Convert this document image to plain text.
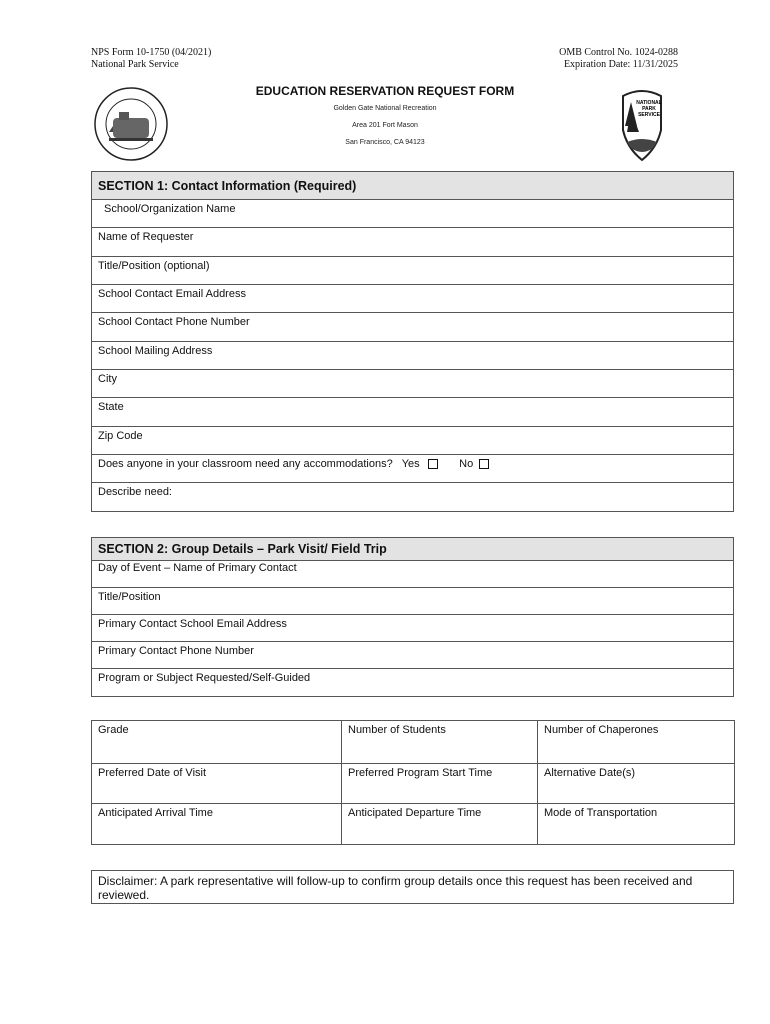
NPS Form 10-1750 (04/2021)
National Park Service
OMB Control No. 1024-0288
Expiration Date: 11/31/2025
NATIONAL
PARK
SERVICE
EDUCATION RESERVATION REQUEST FORM
Golden Gate National Recreation
Area 201 Fort Mason
San Francisco, CA 94123
SECTION 1: Contact Information (Required)

School/Organization Name

Name of Requester

Title/Position (optional)

School Contact Email Address

School Contact Phone Number

School Mailing Address

City

State

Zip Code

Does anyone in your classroom need any accommodations? Yes	No

Describe need:
SECTION 2: Group Details – Park Visit/ Field Trip

Day of Event – Name of Primary Contact

Title/Position

Primary Contact School Email Address

Primary Contact Phone Number

Program or Subject Requested/Self-Guided
Grade	Number of Students	Number of Chaperones

Preferred Date of Visit	Preferred Program Start Time	Alternative Date(s)

Anticipated Arrival Time	Anticipated Departure Time	Mode of Transportation
Disclaimer: A park representative will follow-up to confirm group details once this request has been received and reviewed.
